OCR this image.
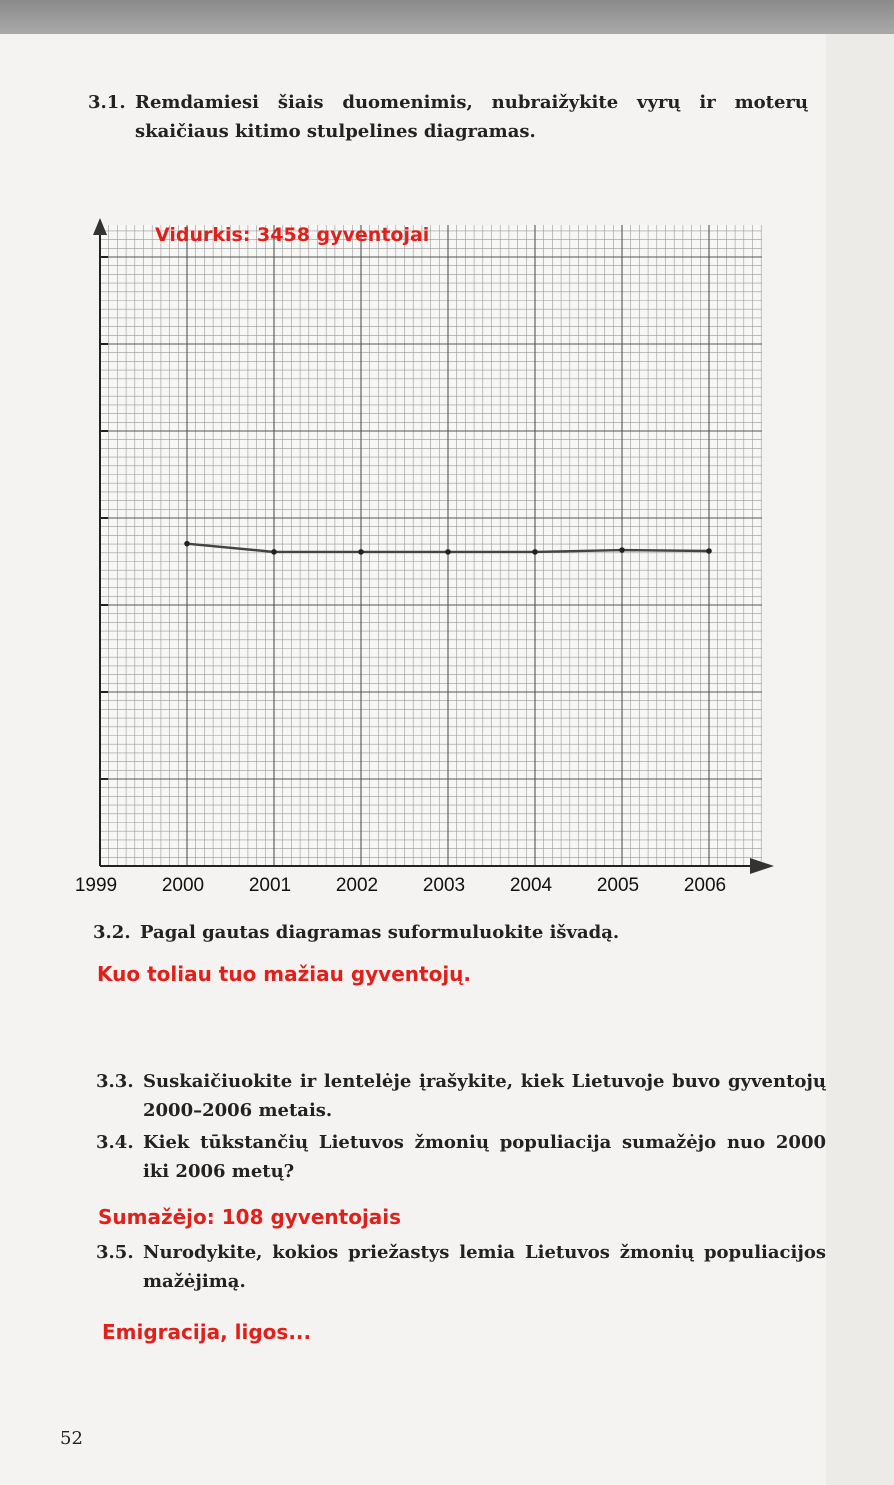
3.1. Remdamiesi šiais duomenimis, nubraižykite vyrų ir moterų skaičiaus kitimo stulpelines diagramas.
1999 2000 2001 2002 2003 2004 2005 2006
Vidurkis: 3458 gyventojai
3.2. Pagal gautas diagramas suformuluokite išvadą.
Kuo toliau tuo mažiau gyventojų.
3.3. Suskaičiuokite ir lentelėje įrašykite, kiek Lietuvoje buvo gyventojų 2000–2006 metais.
3.4. Kiek tūkstančių Lietuvos žmonių populiacija sumažėjo nuo 2000 iki 2006 metų?
Sumažėjo: 108 gyventojais
3.5. Nurodykite, kokios priežastys lemia Lietuvos žmonių populiacijos mažėjimą.
Emigracija, ligos...
52
